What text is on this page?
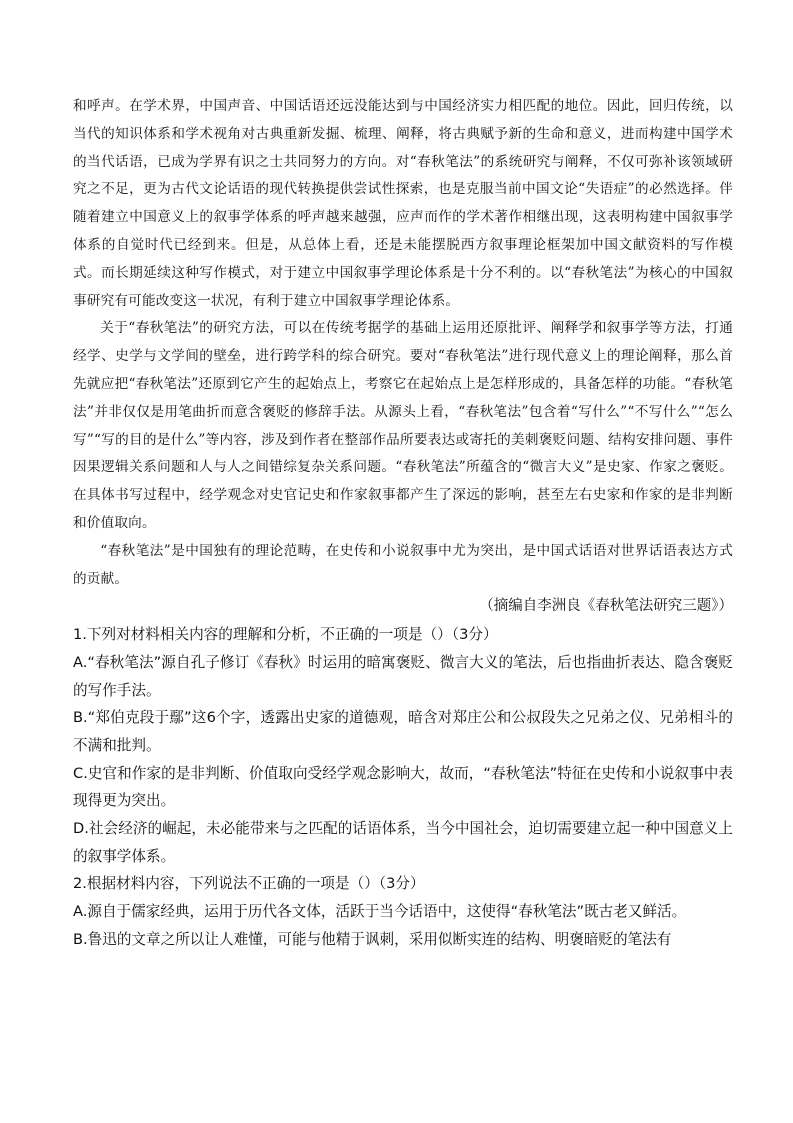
和呼声。在学术界，中国声音、中国话语还远没能达到与中国经济实力相匹配的地位。因此，回归传统，以当代的知识体系和学术视角对古典重新发掘、梳理、阐释，将古典赋予新的生命和意义，进而构建中国学术的当代话语，已成为学界有识之士共同努力的方向。对“春秋笔法”的系统研究与阐释，不仅可弥补该领域研究之不足，更为古代文论话语的现代转换提供尝试性探索，也是克服当前中国文论“失语症”的必然选择。伴随着建立中国意义上的叙事学体系的呼声越来越强，应声而作的学术著作相继出现，这表明构建中国叙事学体系的自觉时代已经到来。但是，从总体上看，还是未能摆脱西方叙事理论框架加中国文献资料的写作模式。而长期延续这种写作模式，对于建立中国叙事学理论体系是十分不利的。以“春秋笔法”为核心的中国叙事研究有可能改变这一状况，有利于建立中国叙事学理论体系。

关于“春秋笔法”的研究方法，可以在传统考据学的基础上运用还原批评、阐释学和叙事学等方法，打通经学、史学与文学间的壁垒，进行跨学科的综合研究。要对“春秋笔法”进行现代意义上的理论阐释，那么首先就应把“春秋笔法”还原到它产生的起始点上，考察它在起始点上是怎样形成的，具备怎样的功能。“春秋笔法”并非仅仅是用笔曲折而意含褒贬的修辞手法。从源头上看，“春秋笔法”包含着“写什么”“不写什么”“怎么写”“写的目的是什么”等内容，涉及到作者在整部作品所要表达或寄托的美刺褒贬问题、结构安排问题、事件因果逻辑关系问题和人与人之间错综复杂关系问题。“春秋笔法”所蕴含的“微言大义”是史家、作家之褒贬。在具体书写过程中，经学观念对史官记史和作家叙事都产生了深远的影响，甚至左右史家和作家的是非判断和价值取向。

“春秋笔法”是中国独有的理论范畴，在史传和小说叙事中尤为突出，是中国式话语对世界话语表达方式的贡献。

（摘编自李洲良《春秋笔法研究三题》）

1.下列对材料相关内容的理解和分析，不正确的一项是（）（3分）

A.“春秋笔法”源自孔子修订《春秋》时运用的暗寓褒贬、微言大义的笔法，后也指曲折表达、隐含褒贬的写作手法。

B.“郑伯克段于鄢”这6个字，透露出史家的道德观，暗含对郑庄公和公叔段失之兄弟之仪、兄弟相斗的不满和批判。

C.史官和作家的是非判断、价值取向受经学观念影响大，故而，“春秋笔法”特征在史传和小说叙事中表现得更为突出。

D.社会经济的崛起，未必能带来与之匹配的话语体系，当今中国社会，迫切需要建立起一种中国意义上的叙事学体系。

2.根据材料内容，下列说法不正确的一项是（）（3分）

A.源自于儒家经典，运用于历代各文体，活跃于当今话语中，这使得“春秋笔法”既古老又鲜活。

B.鲁迅的文章之所以让人难懂，可能与他精于讽刺，采用似断实连的结构、明褒暗贬的笔法有
